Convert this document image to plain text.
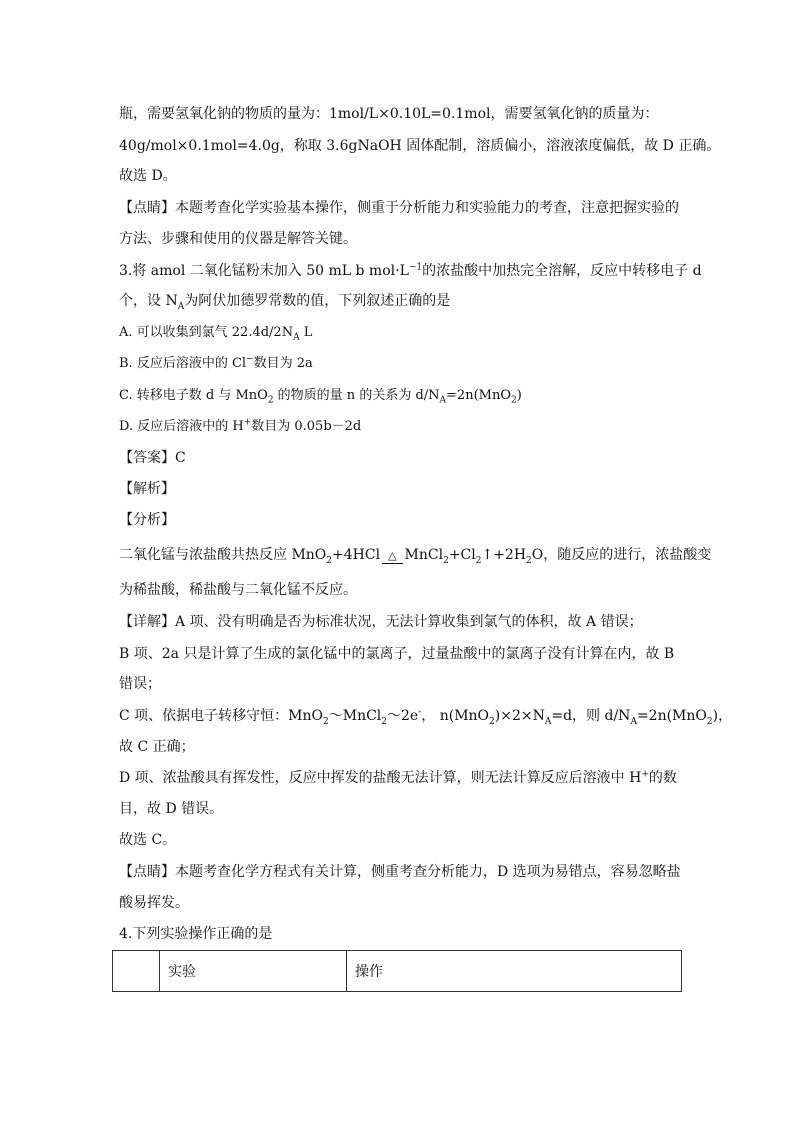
瓶，需要氢氧化钠的物质的量为：1mol/L×0.10L=0.1mol，需要氢氧化钠的质量为：
40g/mol×0.1mol=4.0g，称取 3.6gNaOH 固体配制，溶质偏小，溶液浓度偏低，故 D 正确。
故选 D。
【点睛】本题考查化学实验基本操作，侧重于分析能力和实验能力的考查，注意把握实验的
方法、步骤和使用的仪器是解答关键。
3.将 amol 二氧化锰粉末加入 50 mL b $mol\cdot L^{-1}$的浓盐酸中加热完全溶解，反应中转移电子 d
个，设 $N_A$为阿伏加德罗常数的值，下列叙述正确的是
A. 可以收集到氯气 $22.4d/2N_A$ L
B. 反应后溶液中的 Cl−数目为 2a
C. 转移电子数 d 与 MnO$_2$ 的物质的量 n 的关系为 $d/N_A=2n(MnO_2)$
D. 反应后溶液中的 H+数目为 0.05b－2d
【答案】C
【解析】
【分析】
二氧化锰与浓盐酸共热反应 MnO$_2$+4HCl △ $MnCl_2+Cl_2↑+2H_2O$，随反应的进行，浓盐酸变
为稀盐酸，稀盐酸与二氧化锰不反应。
【详解】A 项、没有明确是否为标准状况，无法计算收集到氯气的体积，故 A 错误；
B 项、2a 只是计算了生成的氯化锰中的氯离子，过量盐酸中的氯离子没有计算在内，故 B
错误；
C 项、依据电子转移守恒：MnO$_2$～MnCl$_2$～2e-， $n(MnO_2)\times 2\times N_A=d$，则 $d/N_A=2n(MnO_2)$，
故 C 正确；
D 项、浓盐酸具有挥发性，反应中挥发的盐酸无法计算，则无法计算反应后溶液中 H+的数
目，故 D 错误。
故选 C。
【点睛】本题考查化学方程式有关计算，侧重考查分析能力，D 选项为易错点，容易忽略盐
酸易挥发。
4.下列实验操作正确的是
	实验	操作
